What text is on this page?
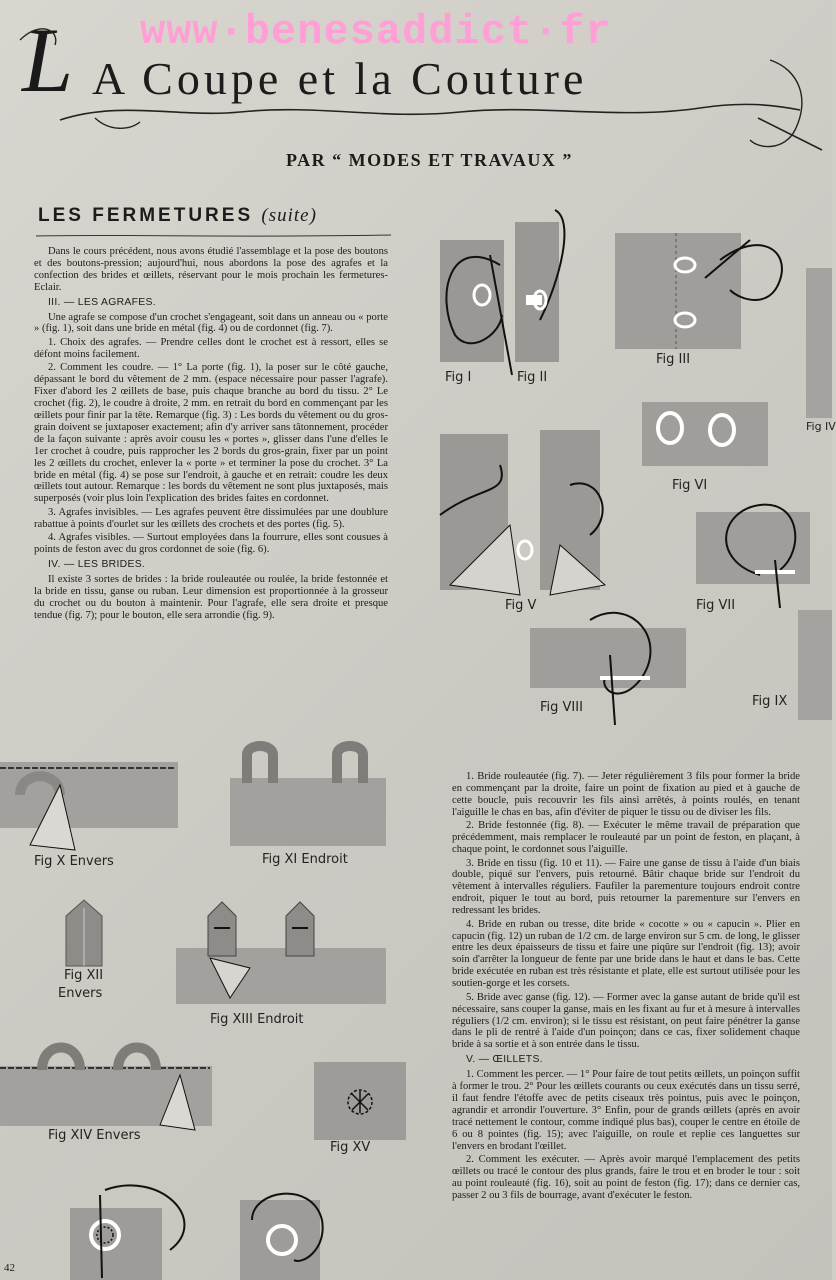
www·benesaddict·fr
L A Coupe et la Couture
PAR “ MODES ET TRAVAUX ”
LES FERMETURES (suite)

Dans le cours précédent, nous avons étudié l'assemblage et la pose des boutons et des boutons-pression; aujourd'hui, nous abordons la pose des agrafes et la confection des brides et œillets, réservant pour le mois prochain les fermetures-Eclair.

III. — LES AGRAFES.

Une agrafe se compose d'un crochet s'engageant, soit dans un anneau ou « porte » (fig. 1), soit dans une bride en métal (fig. 4) ou de cordonnet (fig. 7).

1. Choix des agrafes. — Prendre celles dont le crochet est à ressort, elles se défont moins facilement.

2. Comment les coudre. — 1° La porte (fig. 1), la poser sur le côté gauche, dépassant le bord du vêtement de 2 mm. (espace nécessaire pour passer l'agrafe). Fixer d'abord les 2 œillets de base, puis chaque branche au bord du tissu. 2° Le crochet (fig. 2), le coudre à droite, 2 mm. en retrait du bord en commençant par les œillets pour finir par la tête. Remarque (fig. 3) : Les bords du vêtement ou du gros-grain doivent se juxtaposer exactement; afin d'y arriver sans tâtonnement, procéder de la façon suivante : après avoir cousu les « portes », glisser dans l'une d'elles le 1er crochet à coudre, puis rapprocher les 2 bords du gros-grain, fixer par un point les 2 œillets du crochet, enlever la « porte » et terminer la pose du crochet. 3° La bride en métal (fig. 4) se pose sur l'endroit, à gauche et en retrait: coudre les deux œillets tout autour. Remarque : les bords du vêtement ne sont plus juxtaposés, mais superposés (voir plus loin l'explication des brides faites en cordonnet.

3. Agrafes invisibles. — Les agrafes peuvent être dissimulées par une doublure rabattue à points d'ourlet sur les œillets des crochets et des portes (fig. 5).

4. Agrafes visibles. — Surtout employées dans la fourrure, elles sont cousues à points de feston avec du gros cordonnet de soie (fig. 6).

IV. — LES BRIDES.

Il existe 3 sortes de brides : la bride rouleautée ou roulée, la bride festonnée et la bride en tissu, ganse ou ruban. Leur dimension est proportionnée à la grosseur du crochet ou du bouton à maintenir. Pour l'agrafe, elle sera droite et presque tendue (fig. 7); pour le bouton, elle sera arrondie (fig. 9).

1. Bride rouleautée (fig. 7). — Jeter régulièrement 3 fils pour former la bride en commençant par la droite, faire un point de fixation au pied et à gauche de cette boucle, puis recouvrir les fils ainsi arrêtés, à points roulés, en tenant l'aiguille le chas en bas, afin d'éviter de piquer le tissu ou de diviser les fils.

2. Bride festonnée (fig. 8). — Exécuter le même travail de préparation que précédemment, mais remplacer le rouleauté par un point de feston, en plaçant, à chaque point, le cordonnet sous l'aiguille.

3. Bride en tissu (fig. 10 et 11). — Faire une ganse de tissu à l'aide d'un biais double, piqué sur l'envers, puis retourné. Bâtir chaque bride sur l'endroit du vêtement à intervalles réguliers. Faufiler la parementure toujours endroit contre endroit, piquer le tout au bord, puis retourner la parementure sur l'envers en redressant les brides.

4. Bride en ruban ou tresse, dite bride « cocotte » ou « capucin ». Plier en capucin (fig. 12) un ruban de 1/2 cm. de large environ sur 5 cm. de long, le glisser entre les deux épaisseurs de tissu et faire une piqûre sur l'endroit (fig. 13); avoir soin d'arrêter la longueur de fente par une bride dans le haut et dans le bas. Cette bride exécutée en ruban est très résistante et plate, elle est surtout utilisée pour les soutien-gorge et les corsets.

5. Bride avec ganse (fig. 12). — Former avec la ganse autant de bride qu'il est nécessaire, sans couper la ganse, mais en les fixant au fur et à mesure à intervalles réguliers (1/2 cm. environ); si le tissu est résistant, on peut faire pénétrer la ganse dans le pli de rentré à l'aide d'un poinçon; dans ce cas, fixer solidement chaque bride à sa sortie et à son entrée dans le tissu.

V. — ŒILLETS.

1. Comment les percer. — 1° Pour faire de tout petits œillets, un poinçon suffit à former le trou. 2° Pour les œillets courants ou ceux exécutés dans un tissu serré, il faut fendre l'étoffe avec de petits ciseaux très pointus, puis avec le poinçon, agrandir et arrondir l'ouverture. 3° Enfin, pour de grands œillets (après en avoir tracé nettement le contour, comme indiqué plus bas), couper le centre en étoile de 6 ou 8 pointes (fig. 15); avec l'aiguille, on roule et replie ces languettes sur l'envers en brodant l'œillet.

2. Comment les exécuter. — Après avoir marqué l'emplacement des petits œillets ou tracé le contour des plus grands, faire le trou et en broder le tour : soit au point rouleauté (fig. 16), soit au point de feston (fig. 17); dans ce dernier cas, passer 2 ou 3 fils de bourrage, avant d'exécuter le feston.

Fig I	Fig II
Fig III
Fig IV
Fig V
Fig VI
Fig VII
Fig VIII	Fig IX
Fig X Envers	Fig XI Endroit
Fig XII
Envers
Fig XIII Endroit
Fig XIV Envers
Fig XV
42
